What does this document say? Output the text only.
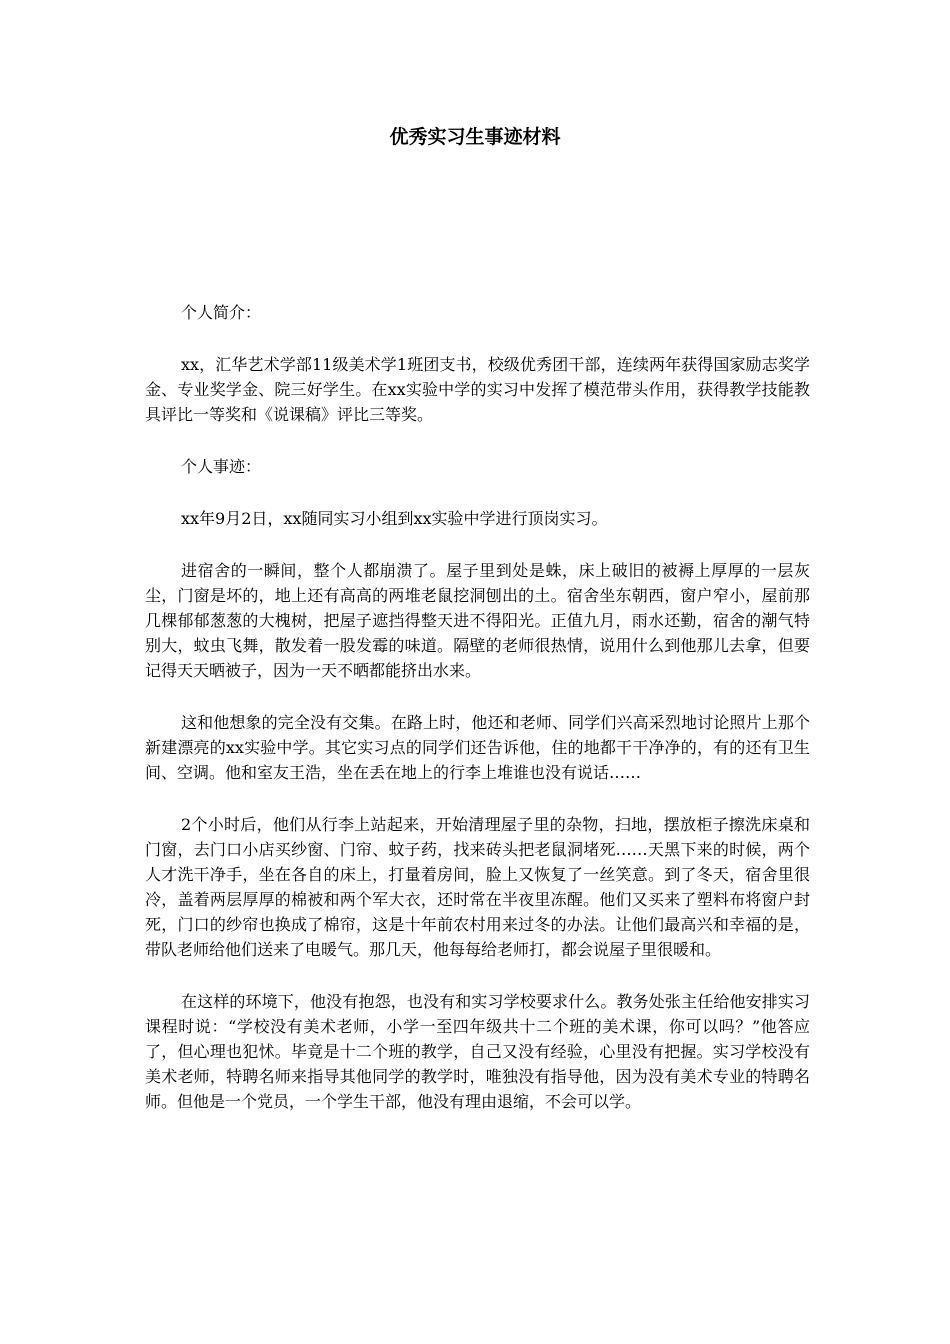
优秀实习生事迹材料

个人简介：

xx，汇华艺术学部11级美术学1班团支书，校级优秀团干部，连续两年获得国家励志奖学金、专业奖学金、院三好学生。在xx实验中学的实习中发挥了模范带头作用，获得教学技能教具评比一等奖和《说课稿》评比三等奖。

个人事迹：

xx年9月2日，xx随同实习小组到xx实验中学进行顶岗实习。

进宿舍的一瞬间，整个人都崩溃了。屋子里到处是蛛，床上破旧的被褥上厚厚的一层灰尘，门窗是坏的，地上还有高高的两堆老鼠挖洞刨出的土。宿舍坐东朝西，窗户窄小，屋前那几棵郁郁葱葱的大槐树，把屋子遮挡得整天进不得阳光。正值九月，雨水还勤，宿舍的潮气特别大，蚊虫飞舞，散发着一股发霉的味道。隔壁的老师很热情，说用什么到他那儿去拿，但要记得天天晒被子，因为一天不晒都能挤出水来。

这和他想象的完全没有交集。在路上时，他还和老师、同学们兴高采烈地讨论照片上那个新建漂亮的xx实验中学。其它实习点的同学们还告诉他，住的地都干干净净的，有的还有卫生间、空调。他和室友王浩，坐在丢在地上的行李上堆谁也没有说话……

2个小时后，他们从行李上站起来，开始清理屋子里的杂物，扫地，摆放柜子擦洗床桌和门窗，去门口小店买纱窗、门帘、蚊子药，找来砖头把老鼠洞堵死……天黑下来的时候，两个人才洗干净手，坐在各自的床上，打量着房间，脸上又恢复了一丝笑意。到了冬天，宿舍里很冷，盖着两层厚厚的棉被和两个军大衣，还时常在半夜里冻醒。他们又买来了塑料布将窗户封死，门口的纱帘也换成了棉帘，这是十年前农村用来过冬的办法。让他们最高兴和幸福的是，带队老师给他们送来了电暖气。那几天，他每每给老师打，都会说屋子里很暖和。

在这样的环境下，他没有抱怨，也没有和实习学校要求什么。教务处张主任给他安排实习课程时说：“学校没有美术老师，小学一至四年级共十二个班的美术课，你可以吗？”他答应了，但心理也犯怵。毕竟是十二个班的教学，自己又没有经验，心里没有把握。实习学校没有美术老师，特聘名师来指导其他同学的教学时，唯独没有指导他，因为没有美术专业的特聘名师。但他是一个党员，一个学生干部，他没有理由退缩，不会可以学。
